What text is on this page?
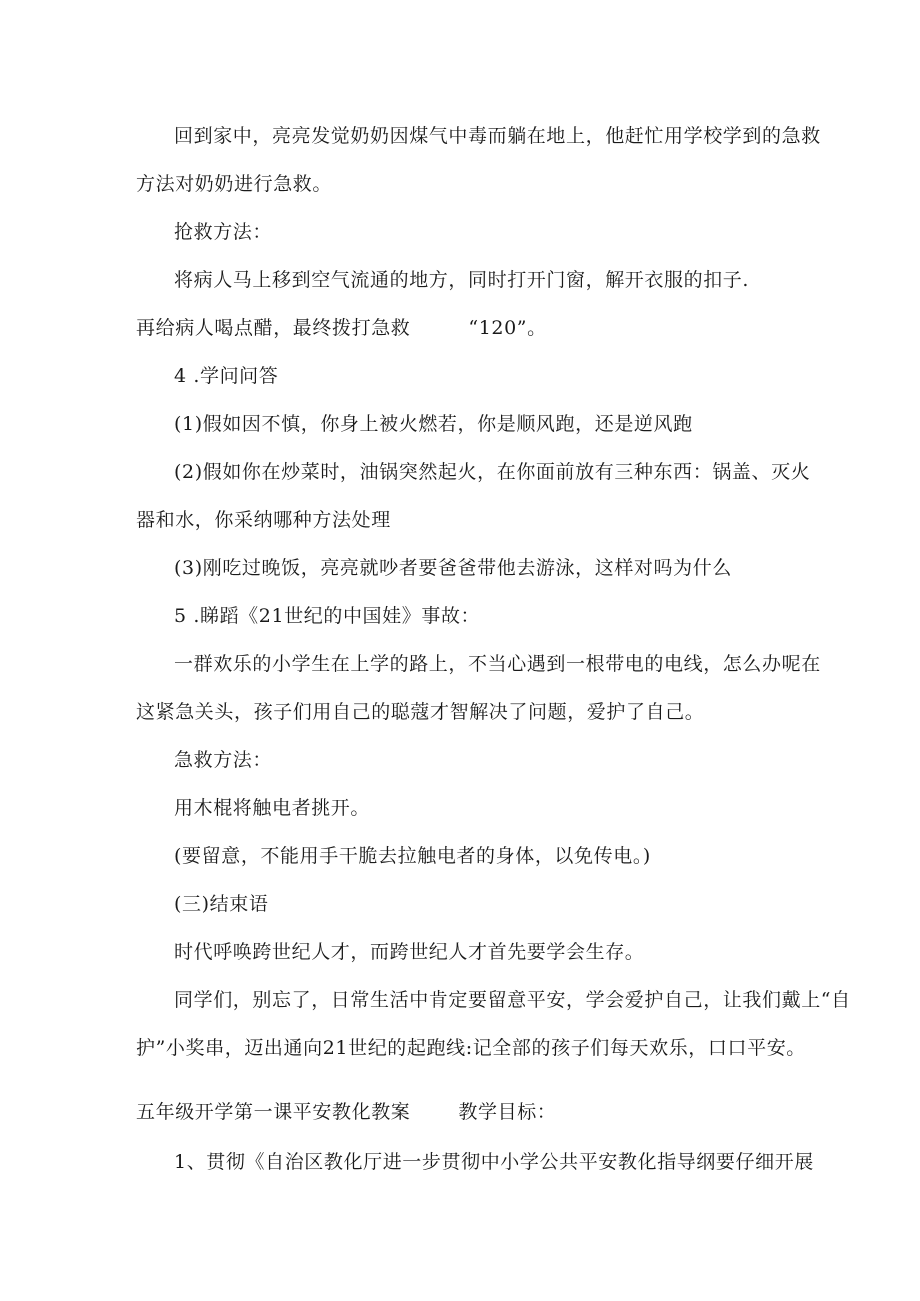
回到家中，亮亮发觉奶奶因煤气中毒而躺在地上，他赶忙用学校学到的急救
方法对奶奶进行急救。
抢救方法：
将病人马上移到空气流通的地方，同时打开门窗，解开衣服的扣子.
再给病人喝点醋，最终拨打急救	“120”。
4 .学问问答
(1)假如因不慎，你身上被火燃若，你是顺风跑，还是逆风跑
(2)假如你在炒菜时，油锅突然起火，在你面前放有三种东西：锅盖、灭火
器和水，你采纳哪种方法处理
(3)刚吃过晚饭，亮亮就吵者要爸爸带他去游泳，这样对吗为什么
5 .睇蹈《21世纪的中国娃》事故：
一群欢乐的小学生在上学的路上，不当心遇到一根带电的电线，怎么办呢在
这紧急关头，孩子们用自己的聪蔻才智解决了问题，爱护了自己。
急救方法：
用木棍将触电者挑开。
(要留意，不能用手干脆去拉触电者的身体，以免传电。)
(三)结束语
时代呼唤跨世纪人才，而跨世纪人才首先要学会生存。
同学们，别忘了，日常生活中肯定要留意平安，学会爱护自己，让我们戴上“自
护”小奖串，迈出通向21世纪的起跑线:记全部的孩子们每天欢乐，口口平安。
五年级开学第一课平安教化教案	教学目标：
1、贯彻《自治区教化厅进一步贯彻中小学公共平安教化指导纲要仔细开展
